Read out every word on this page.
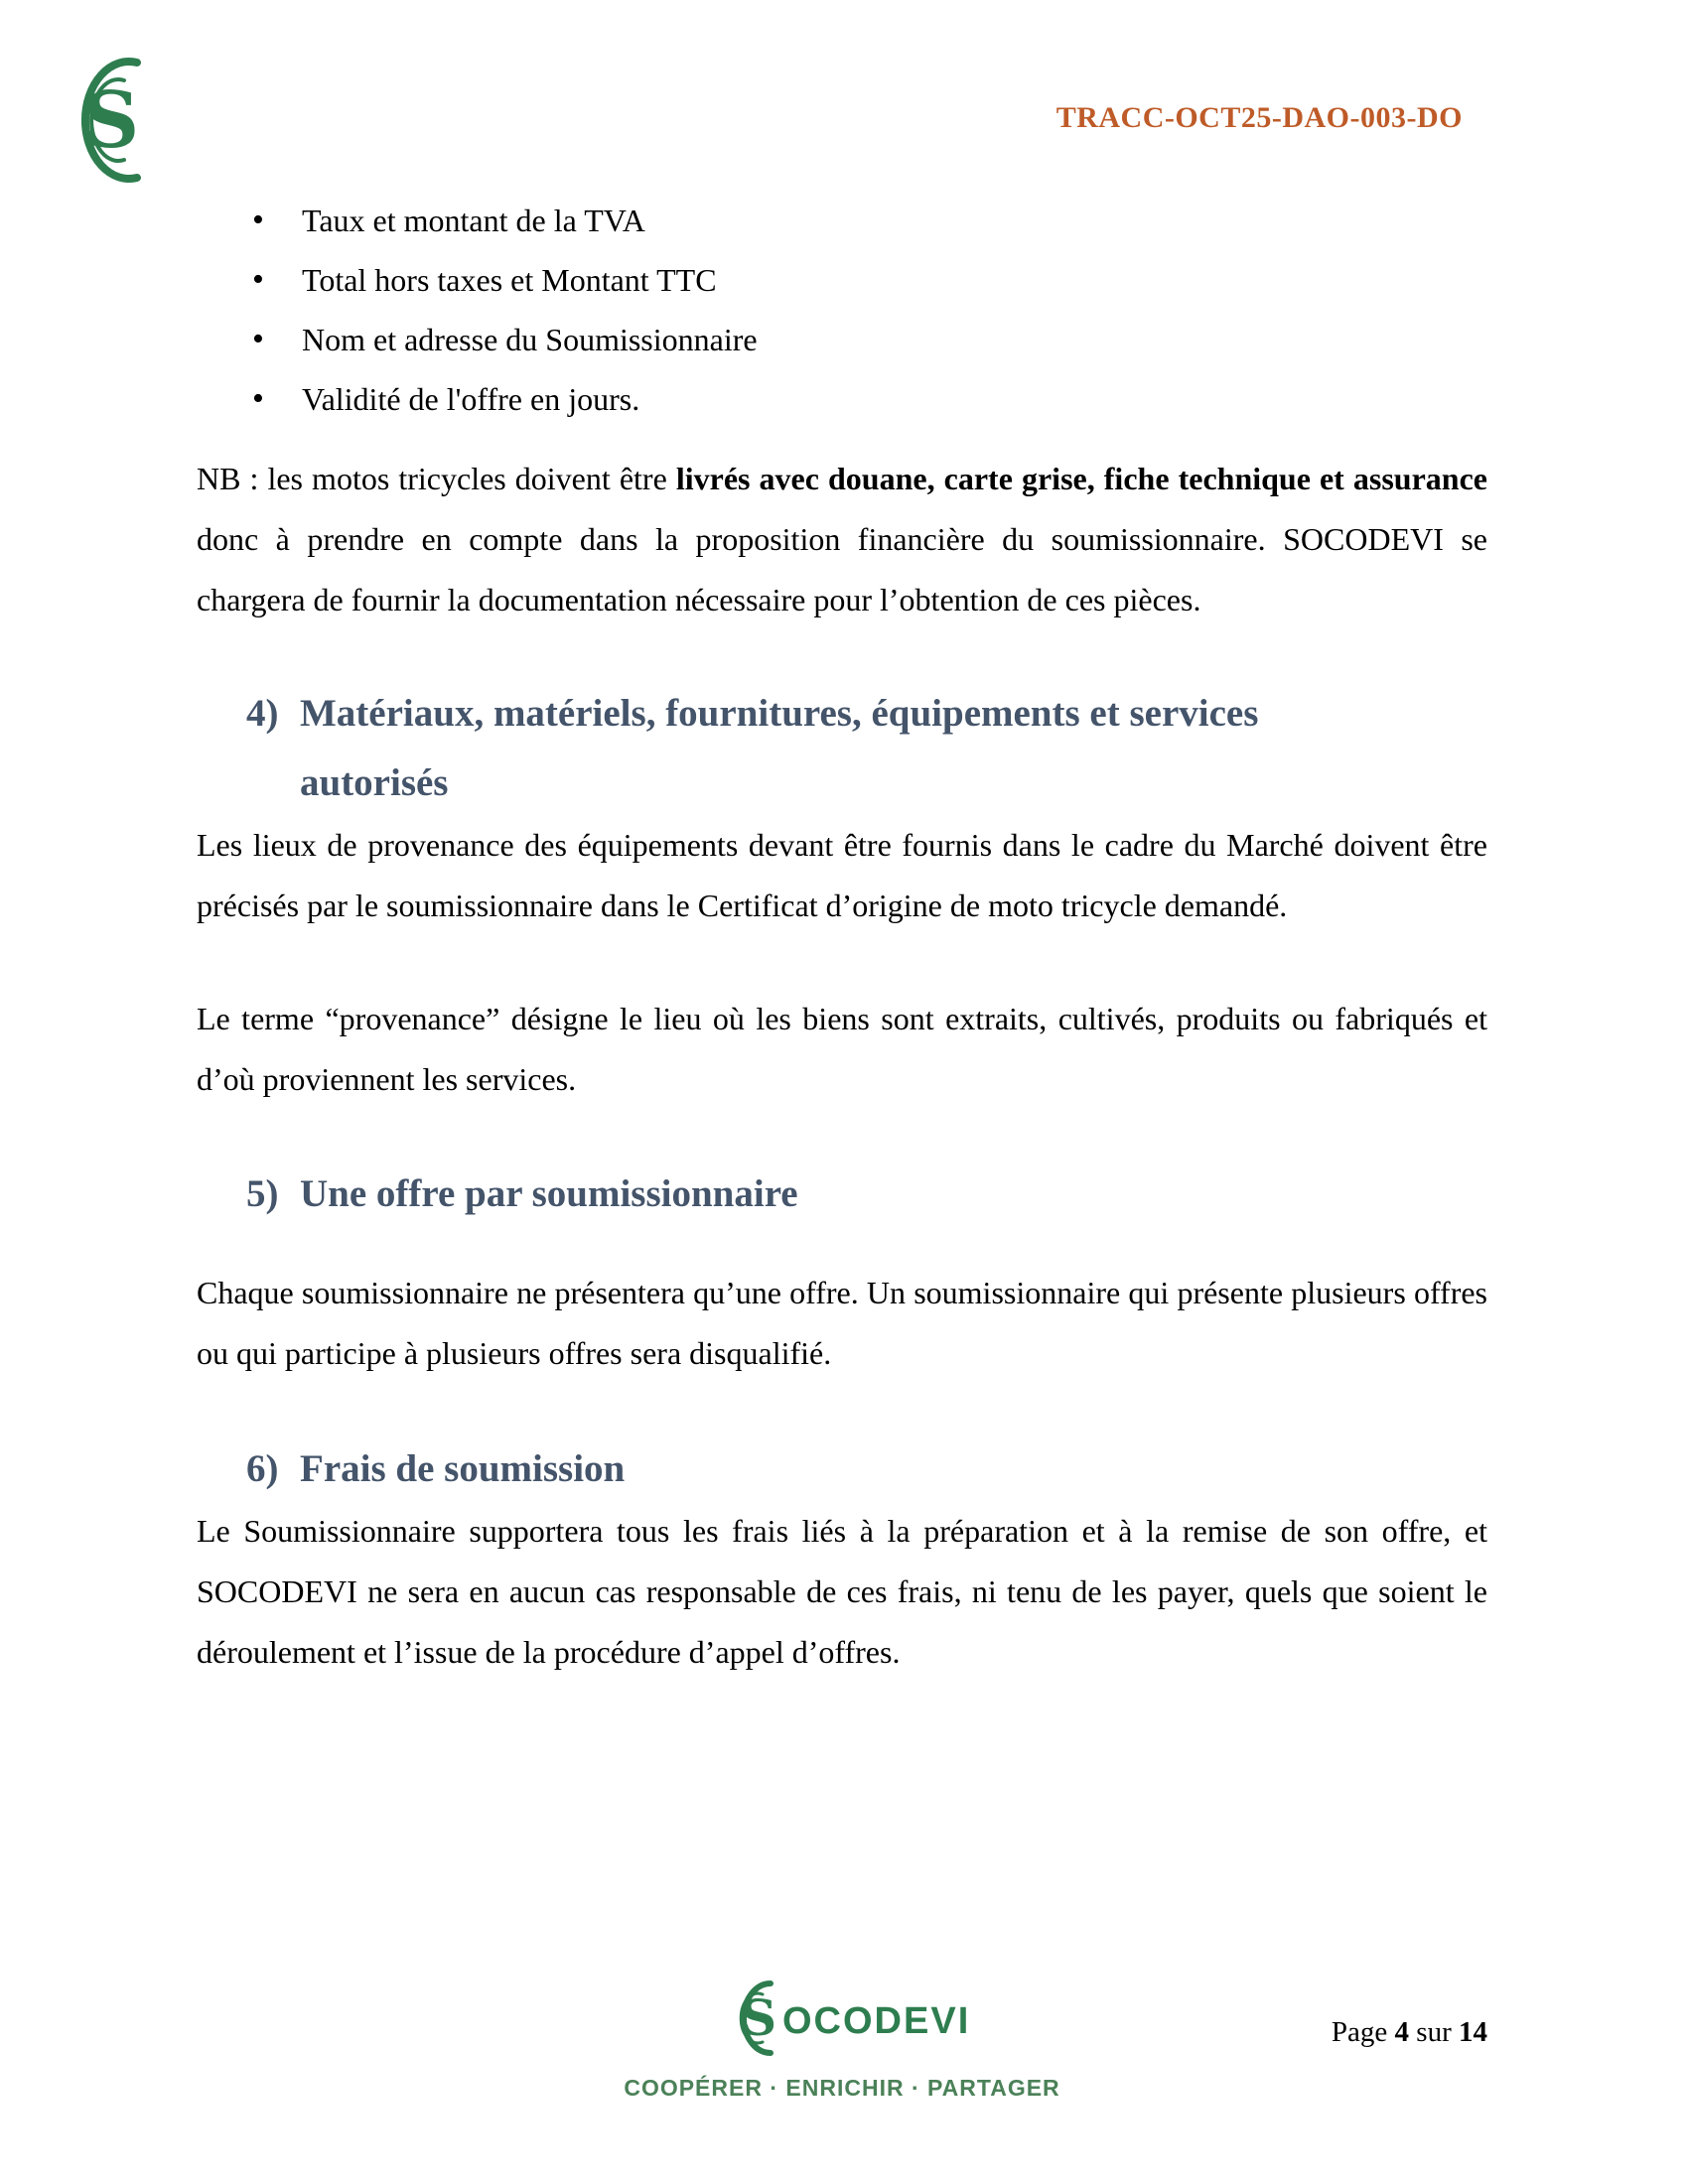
S	TRACC-OCT25-DAO-003-DO
• Taux et montant de la TVA
• Total hors taxes et Montant TTC
• Nom et adresse du Soumissionnaire
• Validité de l'offre en jours.

NB : les motos tricycles doivent être livrés avec douane, carte grise, fiche technique et assurance donc à prendre en compte dans la proposition financière du soumissionnaire. SOCODEVI se chargera de fournir la documentation nécessaire pour l’obtention de ces pièces.

4) Matériaux, matériels, fournitures, équipements et services autorisés

Les lieux de provenance des équipements devant être fournis dans le cadre du Marché doivent être précisés par le soumissionnaire dans le Certificat d’origine de moto tricycle demandé.

Le terme “provenance” désigne le lieu où les biens sont extraits, cultivés, produits ou fabriqués et d’où proviennent les services.

5) Une offre par soumissionnaire

Chaque soumissionnaire ne présentera qu’une offre. Un soumissionnaire qui présente plusieurs offres ou qui participe à plusieurs offres sera disqualifié.

6) Frais de soumission

Le Soumissionnaire supportera tous les frais liés à la préparation et à la remise de son offre, et SOCODEVI ne sera en aucun cas responsable de ces frais, ni tenu de les payer, quels que soient le déroulement et l’issue de la procédure d’appel d’offres.

S OCODEVI
COOPÉRER · ENRICHIR · PARTAGER
Page 4 sur 14
